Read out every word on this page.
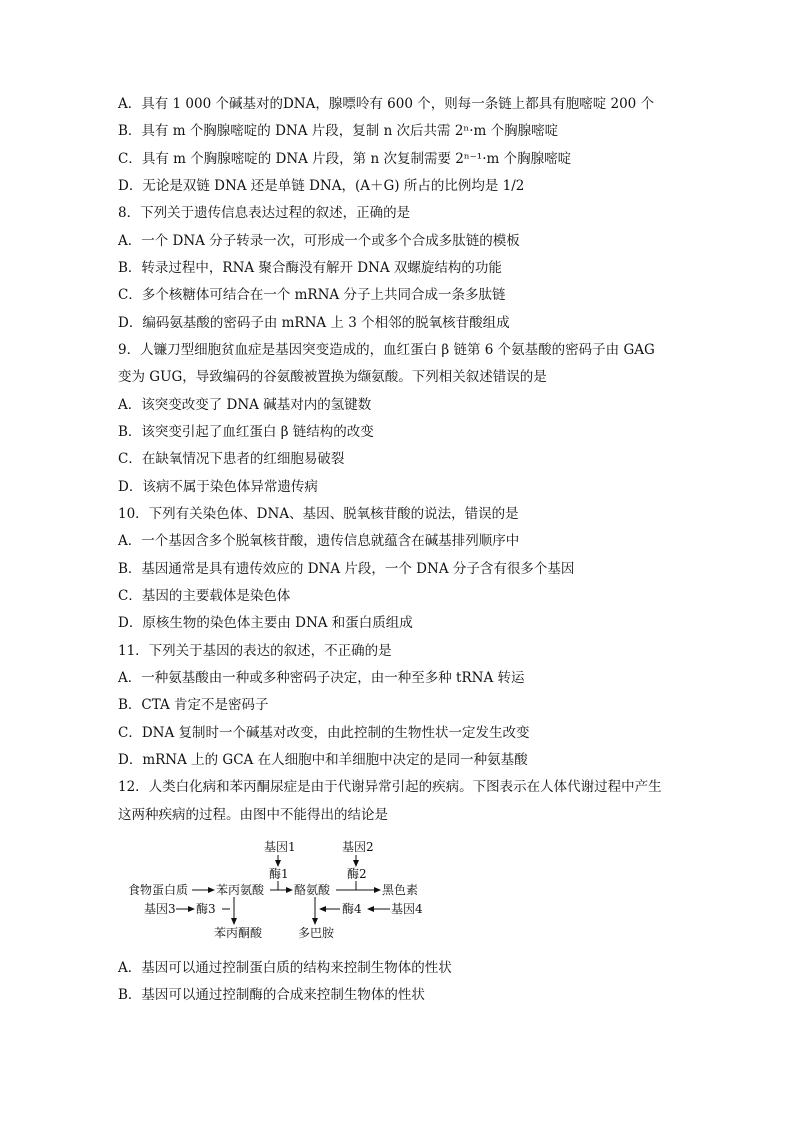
A．具有 1 000 个碱基对的DNA，腺嘌呤有 600 个，则每一条链上都具有胞嘧啶 200 个
B．具有 m 个胸腺嘧啶的 DNA 片段，复制 n 次后共需 2ⁿ·m 个胸腺嘧啶
C．具有 m 个胸腺嘧啶的 DNA 片段，第 n 次复制需要 2ⁿ⁻¹·m 个胸腺嘧啶
D．无论是双链 DNA 还是单链 DNA，(A＋G) 所占的比例均是 1/2
8．下列关于遗传信息表达过程的叙述，正确的是
A．一个 DNA 分子转录一次，可形成一个或多个合成多肽链的模板
B．转录过程中，RNA 聚合酶没有解开 DNA 双螺旋结构的功能
C．多个核糖体可结合在一个 mRNA 分子上共同合成一条多肽链
D．编码氨基酸的密码子由 mRNA 上 3 个相邻的脱氧核苷酸组成
9．人镰刀型细胞贫血症是基因突变造成的，血红蛋白 β 链第 6 个氨基酸的密码子由 GAG
变为 GUG，导致编码的谷氨酸被置换为缬氨酸。下列相关叙述错误的是
A．该突变改变了 DNA 碱基对内的氢键数
B．该突变引起了血红蛋白 β 链结构的改变
C．在缺氧情况下患者的红细胞易破裂
D．该病不属于染色体异常遗传病
10．下列有关染色体、DNA、基因、脱氧核苷酸的说法，错误的是
A．一个基因含多个脱氧核苷酸，遗传信息就蕴含在碱基排列顺序中
B．基因通常是具有遗传效应的 DNA 片段，一个 DNA 分子含有很多个基因
C．基因的主要载体是染色体
D．原核生物的染色体主要由 DNA 和蛋白质组成
11．下列关于基因的表达的叙述，不正确的是
A．一种氨基酸由一种或多种密码子决定，由一种至多种 tRNA 转运
B．CTA 肯定不是密码子
C．DNA 复制时一个碱基对改变，由此控制的生物性状一定发生改变
D．mRNA 上的 GCA 在人细胞中和羊细胞中决定的是同一种氨基酸
12．人类白化病和苯丙酮尿症是由于代谢异常引起的疾病。下图表示在人体代谢过程中产生
这两种疾病的过程。由图中不能得出的结论是
基因1
酶1
基因2
酶2
食物蛋白质 苯丙氨酸 酪氨酸	黑色素
基因3 酶3	酶4 基因4
苯丙酮酸	多巴胺
A．基因可以通过控制蛋白质的结构来控制生物体的性状
B．基因可以通过控制酶的合成来控制生物体的性状
